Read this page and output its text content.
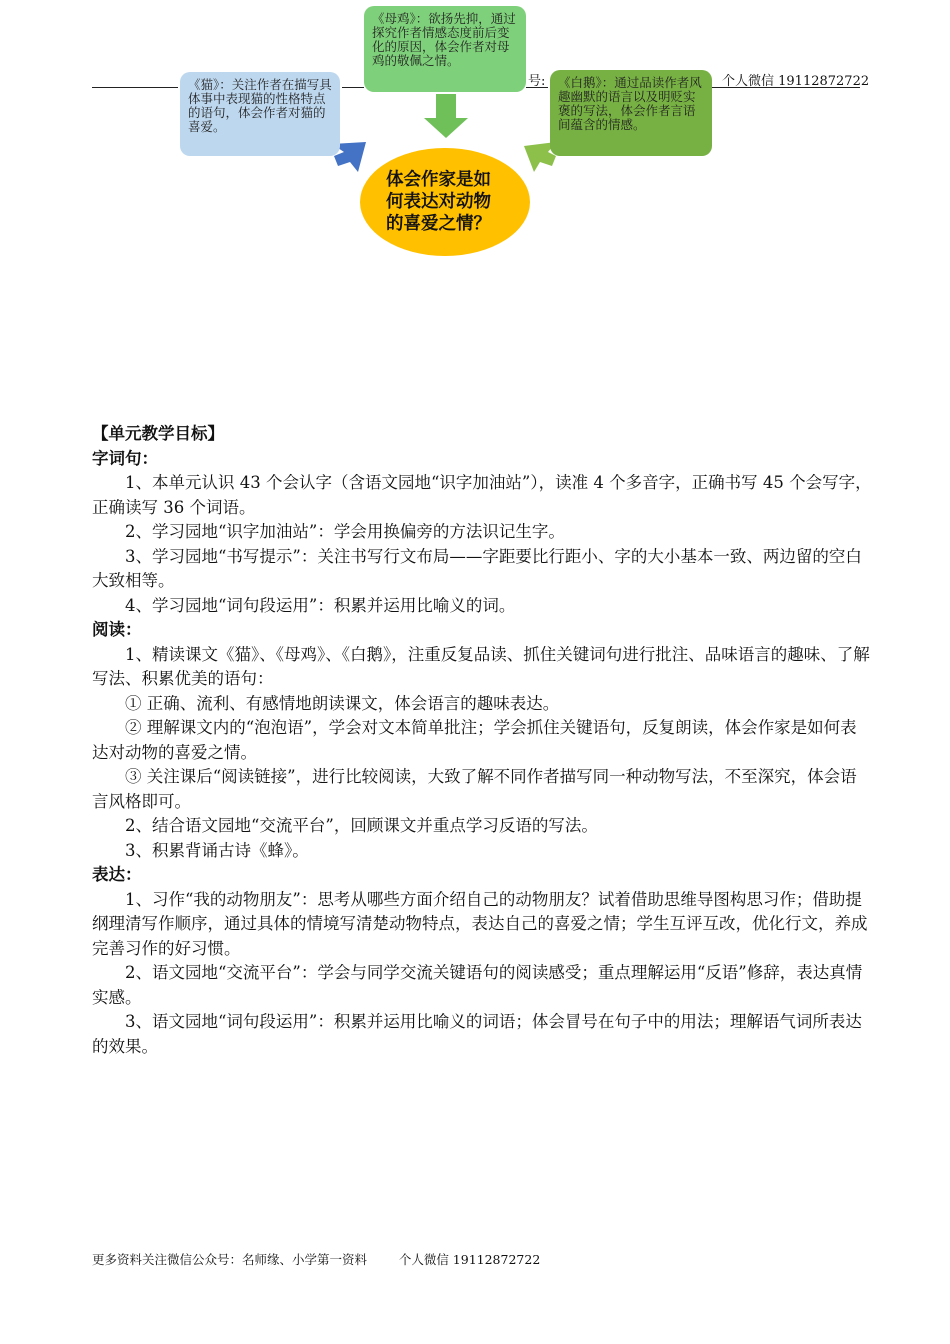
号:	个人微信 19112872722
《猫》：关注作者在描写具体事中表现猫的性格特点的语句，体会作者对猫的喜爱。
《母鸡》：欲扬先抑，通过探究作者情感态度前后变化的原因，体会作者对母鸡的敬佩之情。
《白鹅》：通过品读作者风趣幽默的语言以及明贬实褒的写法，体会作者言语间蕴含的情感。
体会作家是如何表达对动物的喜爱之情？

【单元教学目标】

字词句：

1、本单元认识 43 个会认字（含语文园地“识字加油站”），读准 4 个多音字，正确书写 45 个会写字，正确读写 36 个词语。

2、学习园地“识字加油站”：学会用换偏旁的方法识记生字。

3、学习园地“书写提示”：关注书写行文布局——字距要比行距小、字的大小基本一致、两边留的空白大致相等。

4、学习园地“词句段运用”：积累并运用比喻义的词。

阅读：

1、精读课文《猫》、《母鸡》、《白鹅》，注重反复品读、抓住关键词句进行批注、品味语言的趣味、了解写法、积累优美的语句：

① 正确、流利、有感情地朗读课文，体会语言的趣味表达。

② 理解课文内的“泡泡语”，学会对文本简单批注；学会抓住关键语句，反复朗读，体会作家是如何表达对动物的喜爱之情。

③ 关注课后“阅读链接”，进行比较阅读，大致了解不同作者描写同一种动物写法，不至深究，体会语言风格即可。

2、结合语文园地“交流平台”，回顾课文并重点学习反语的写法。

3、积累背诵古诗《蜂》。

表达：

1、习作“我的动物朋友”：思考从哪些方面介绍自己的动物朋友？试着借助思维导图构思习作；借助提纲理清写作顺序，通过具体的情境写清楚动物特点，表达自己的喜爱之情；学生互评互改，优化行文，养成完善习作的好习惯。

2、语文园地“交流平台”：学会与同学交流关键语句的阅读感受；重点理解运用“反语”修辞，表达真情实感。

3、语文园地“词句段运用”：积累并运用比喻义的词语；体会冒号在句子中的用法；理解语气词所表达的效果。

更多资料关注微信公众号：名师缘、小学第一资料	个人微信 19112872722
